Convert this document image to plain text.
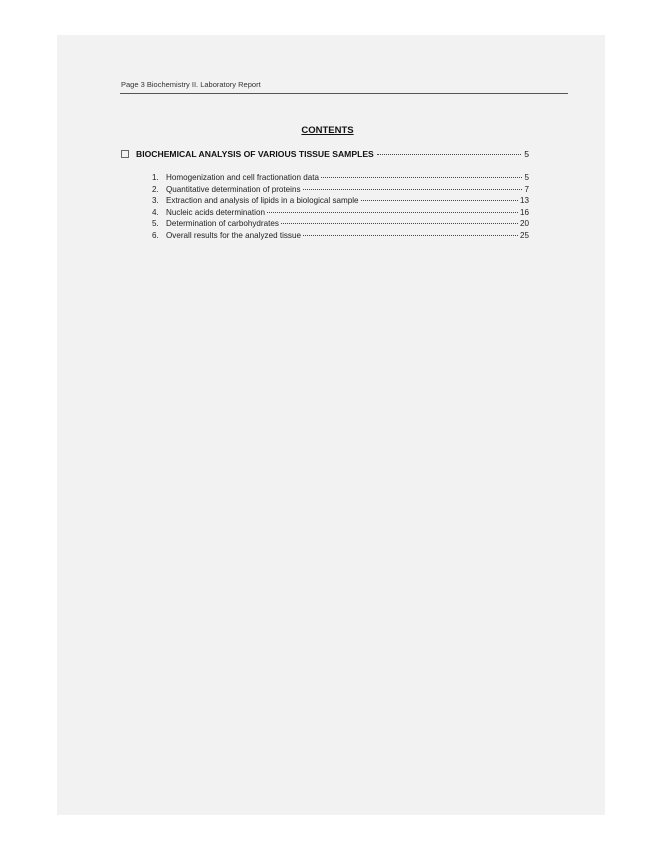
Page 3 Biochemistry II. Laboratory Report
CONTENTS
BIOCHEMICAL ANALYSIS OF VARIOUS TISSUE SAMPLES	5
1. Homogenization and cell fractionation data	5
2. Quantitative determination of proteins	7
3. Extraction and analysis of lipids in a biological sample	13
4. Nucleic acids determination	16
5. Determination of carbohydrates	20
6. Overall results for the analyzed tissue	25
